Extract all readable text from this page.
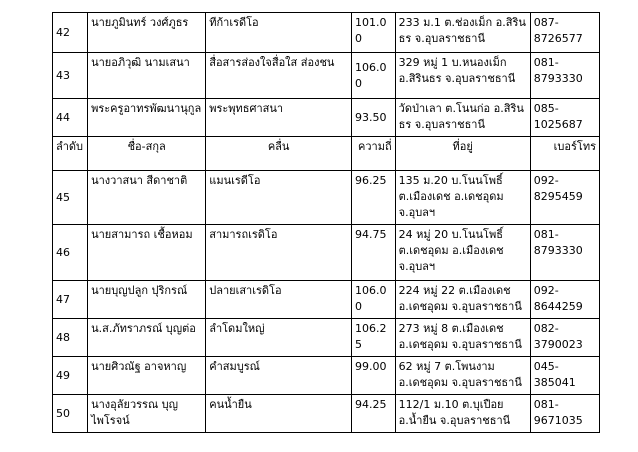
42	นายภูมินทร์ วงศ์ภูธร	ทีก้าเรดีโอ	101.0 0	233 ม.1 ต.ช่องเม็ก อ.สิรินธร จ.อุบลราชธานี	087-8726577
43	นายอภิวุฒิ นามเสนา	สื่อสารส่องใจสื่อใส ส่องชน	106.0 0	329 หมู่ 1 บ.หนองเม็ก อ.สิรินธร จ.อุบลราชธานี	081-8793330
44	พระครูอาทรพัฒนานุกูล	พระพุทธศาสนา	93.50	วัดป่าเลา ต.โนนก่อ อ.สิรินธร จ.อุบลราชธานี	085-1025687
ลำดับ	ชื่อ-สกุล	คลื่น	ความถี่	ที่อยู่	เบอร์โทร
45	นางวาสนา สีดาชาติ	แมนเรดีโอ	96.25	135 ม.20 บ.โนนโพธิ์ ต.เมืองเดช อ.เดชอุดม จ.อุบลฯ	092-8295459
46	นายสามารถ เชื้อหอม	สามารถเรดิโอ	94.75	24 หมู่ 20 บ.โนนโพธิ์ ต.เดชอุดม อ.เมืองเดช จ.อุบลฯ	081-8793330
47	นายบุญปลูก ปุริกรณ์	ปลายเสาเรดิโอ	106.0 0	224 หมู่ 22 ต.เมืองเดช อ.เดชอุดม จ.อุบลราชธานี	092-8644259
48	น.ส.ภัทราภรณ์ บุญต่อ	ลำโดมใหญ่	106.2 5	273 หมู่ 8 ต.เมืองเดช อ.เดชอุดม จ.อุบลราชธานี	082-3790023
49	นายศิวณัฐ อาจหาญ	คำสมบูรณ์	99.00	62 หมู่ 7 ต.โพนงาม อ.เดชอุดม จ.อุบลราชธานี	045-385041
50	นางอุลัยวรรณ บุญไพโรจน์	คนน้ำยืน	94.25	112/1 ม.10 ต.บุเปือย อ.น้ำยืน จ.อุบลราชธานี	081-9671035
